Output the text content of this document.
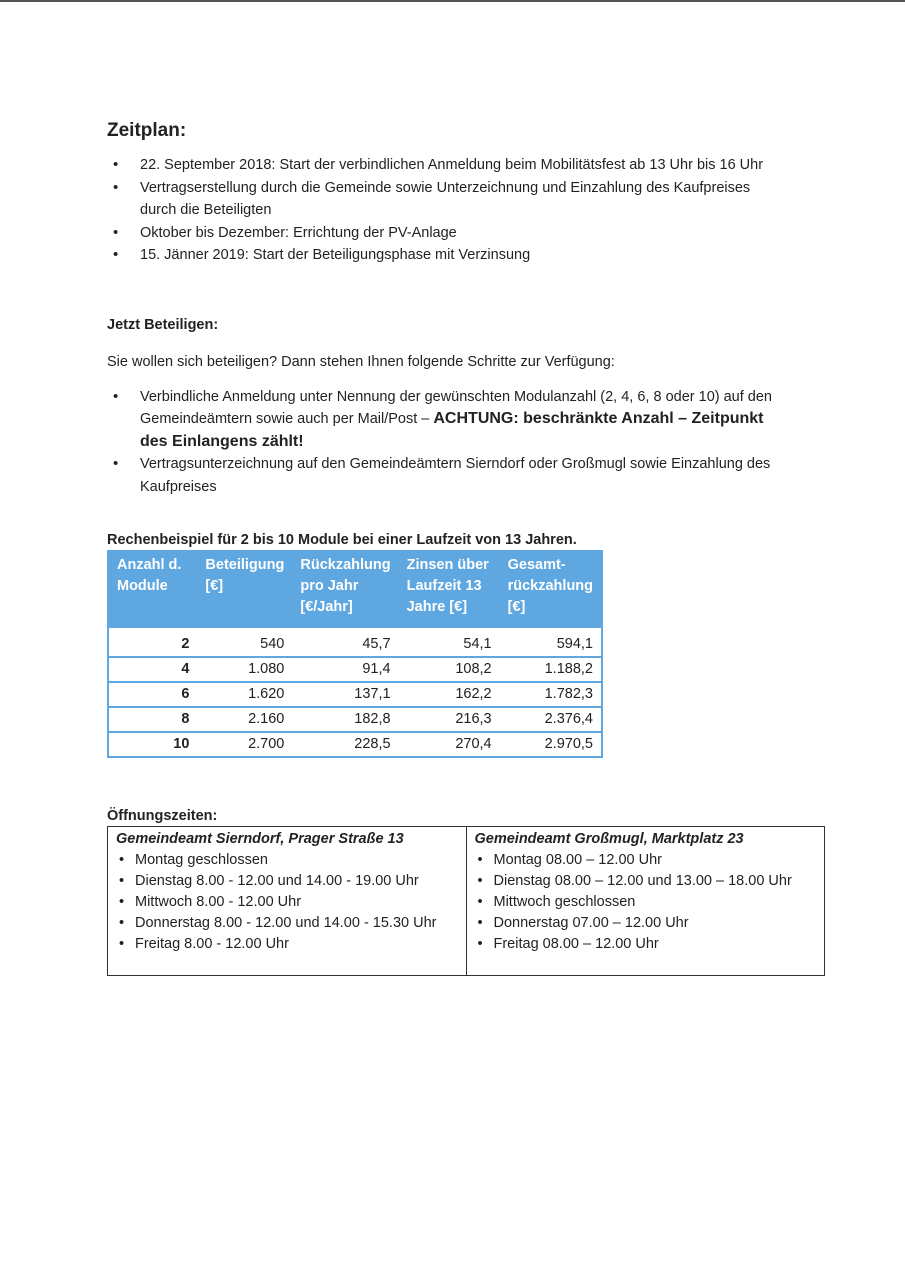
Zeitplan:
• 22. September 2018: Start der verbindlichen Anmeldung beim Mobilitätsfest ab 13 Uhr bis 16 Uhr
• Vertragserstellung durch die Gemeinde sowie Unterzeichnung und Einzahlung des Kaufpreises durch die Beteiligten
• Oktober bis Dezember: Errichtung der PV-Anlage
• 15. Jänner 2019: Start der Beteiligungsphase mit Verzinsung
Jetzt Beteiligen:
Sie wollen sich beteiligen? Dann stehen Ihnen folgende Schritte zur Verfügung:
• Verbindliche Anmeldung unter Nennung der gewünschten Modulanzahl (2, 4, 6, 8 oder 10) auf den Gemeindeämtern sowie auch per Mail/Post – ACHTUNG: beschränkte Anzahl – Zeitpunkt des Einlangens zählt!
• Vertragsunterzeichnung auf den Gemeindeämtern Sierndorf oder Großmugl sowie Einzahlung des Kaufpreises
Rechenbeispiel für 2 bis 10 Module bei einer Laufzeit von 13 Jahren.
Anzahl d. Module	Beteiligung [€]	Rückzahlung pro Jahr [€/Jahr]	Zinsen über Laufzeit 13 Jahre [€]	Gesamt-rückzahlung [€]
2	540	45,7	54,1	594,1
4	1.080	91,4	108,2	1.188,2
6	1.620	137,1	162,2	1.782,3
8	2.160	182,8	216,3	2.376,4
10	2.700	228,5	270,4	2.970,5
Öffnungszeiten:
Gemeindeamt Sierndorf, Prager Straße 13
• Montag geschlossen
• Dienstag 8.00 - 12.00 und 14.00 - 19.00 Uhr
• Mittwoch 8.00 - 12.00 Uhr
• Donnerstag 8.00 - 12.00 und 14.00 - 15.30 Uhr
• Freitag 8.00 - 12.00 Uhr

Gemeindeamt Großmugl, Marktplatz 23
• Montag 08.00 – 12.00 Uhr
• Dienstag 08.00 – 12.00 und 13.00 – 18.00 Uhr
• Mittwoch geschlossen
• Donnerstag 07.00 – 12.00 Uhr
• Freitag 08.00 – 12.00 Uhr
